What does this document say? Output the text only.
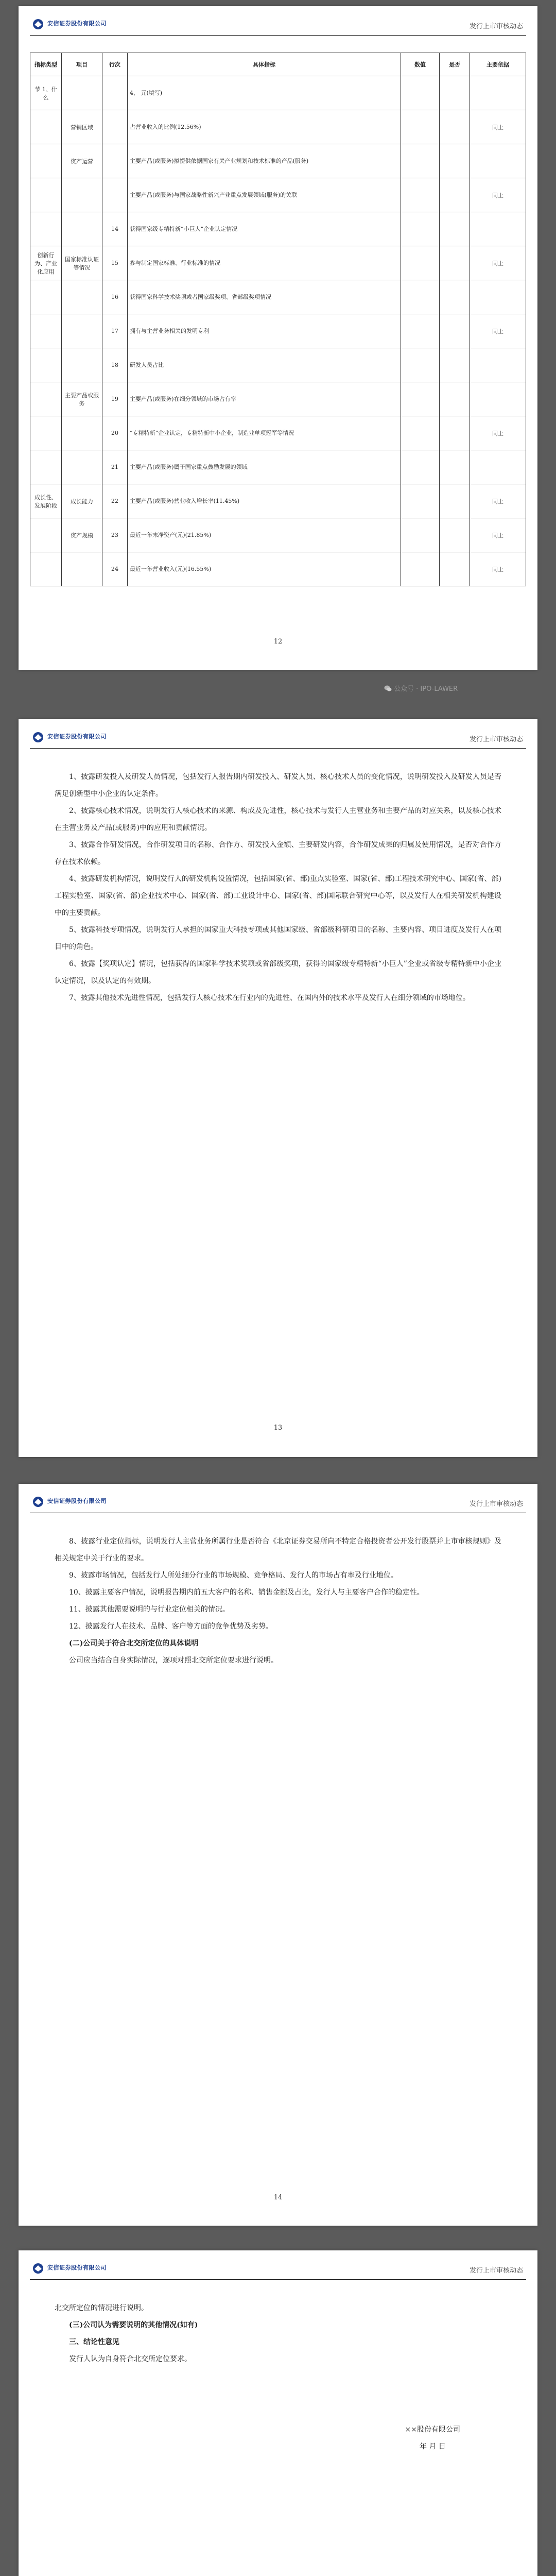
安信证券股份有限公司	发行上市审核动态
指标类型	项目	行次	具体指标	数值	是否	主要依据
节 1、什么			4、 元(填写)			
	营销区域		占营业收入的比例(12.56%)			同上
	资产运营		主要产品(或服务)拟提供依据国家有关产业规划和技术标准的产品(服务)			
			主要产品(或服务)与国家战略性新兴产业重点发展领域(服务)的关联			同上
		14	获得国家级专精特新“小巨人”企业认定情况			
创新行为、产业化应用	国家标准认证等情况	15	参与制定国家标准、行业标准的情况			同上
		16	获得国家科学技术奖项或者国家级奖项、省部级奖项情况			
		17	拥有与主营业务相关的发明专利			同上
		18	研发人员占比			
	主要产品或服务	19	主要产品(或服务)在细分领域的市场占有率			
		20	“专精特新”企业认定，专精特新中小企业，制造业单项冠军等情况			同上
		21	主要产品(或服务)属于国家重点鼓励发展的领域			
成长性、发展阶段	成长能力	22	主要产品(或服务)营业收入增长率(11.45%)			同上
	资产规模	23	最近一年末净资产(元)(21.85%)			同上
		24	最近一年营业收入(元)(16.55%)			同上
12
公众号 · IPO-LAWER
安信证券股份有限公司	发行上市审核动态

1、披露研发投入及研发人员情况，包括发行人报告期内研发投入、研发人员、核心技术人员的变化情况，说明研发投入及研发人员是否满足创新型中小企业的认定条件。

2、披露核心技术情况，说明发行人核心技术的来源、构成及先进性，核心技术与发行人主营业务和主要产品的对应关系，以及核心技术在主营业务及产品(或服务)中的应用和贡献情况。

3、披露合作研发情况，合作研发项目的名称、合作方、研发投入金额、主要研发内容，合作研发成果的归属及使用情况，是否对合作方存在技术依赖。

4、披露研发机构情况，说明发行人的研发机构设置情况，包括国家(省、部)重点实验室、国家(省、部)工程技术研究中心、国家(省、部)工程实验室、国家(省、部)企业技术中心、国家(省、部)工业设计中心、国家(省、部)国际联合研究中心等，以及发行人在相关研发机构建设中的主要贡献。

5、披露科技专项情况，说明发行人承担的国家重大科技专项或其他国家级、省部级科研项目的名称、主要内容、项目进度及发行人在项目中的角色。

6、披露【奖项认定】情况，包括获得的国家科学技术奖项或省部级奖项，获得的国家级专精特新“小巨人”企业或省级专精特新中小企业认定情况，以及认定的有效期。

7、披露其他技术先进性情况，包括发行人核心技术在行业内的先进性、在国内外的技术水平及发行人在细分领域的市场地位。

13
安信证券股份有限公司	发行上市审核动态

8、披露行业定位指标，说明发行人主营业务所属行业是否符合《北京证券交易所向不特定合格投资者公开发行股票并上市审核规则》及相关规定中关于行业的要求。

9、披露市场情况，包括发行人所处细分行业的市场规模、竞争格局、发行人的市场占有率及行业地位。

10、披露主要客户情况，说明报告期内前五大客户的名称、销售金额及占比，发行人与主要客户合作的稳定性。

11、披露其他需要说明的与行业定位相关的情况。

12、披露发行人在技术、品牌、客户等方面的竞争优势及劣势。

(二)公司关于符合北交所定位的具体说明

公司应当结合自身实际情况，逐项对照北交所定位要求进行说明。

14
安信证券股份有限公司	发行上市审核动态

北交所定位的情况进行说明。

(三)公司认为需要说明的其他情况(如有)

三、结论性意见

发行人认为自身符合北交所定位要求。

××股份有限公司
年 月 日
